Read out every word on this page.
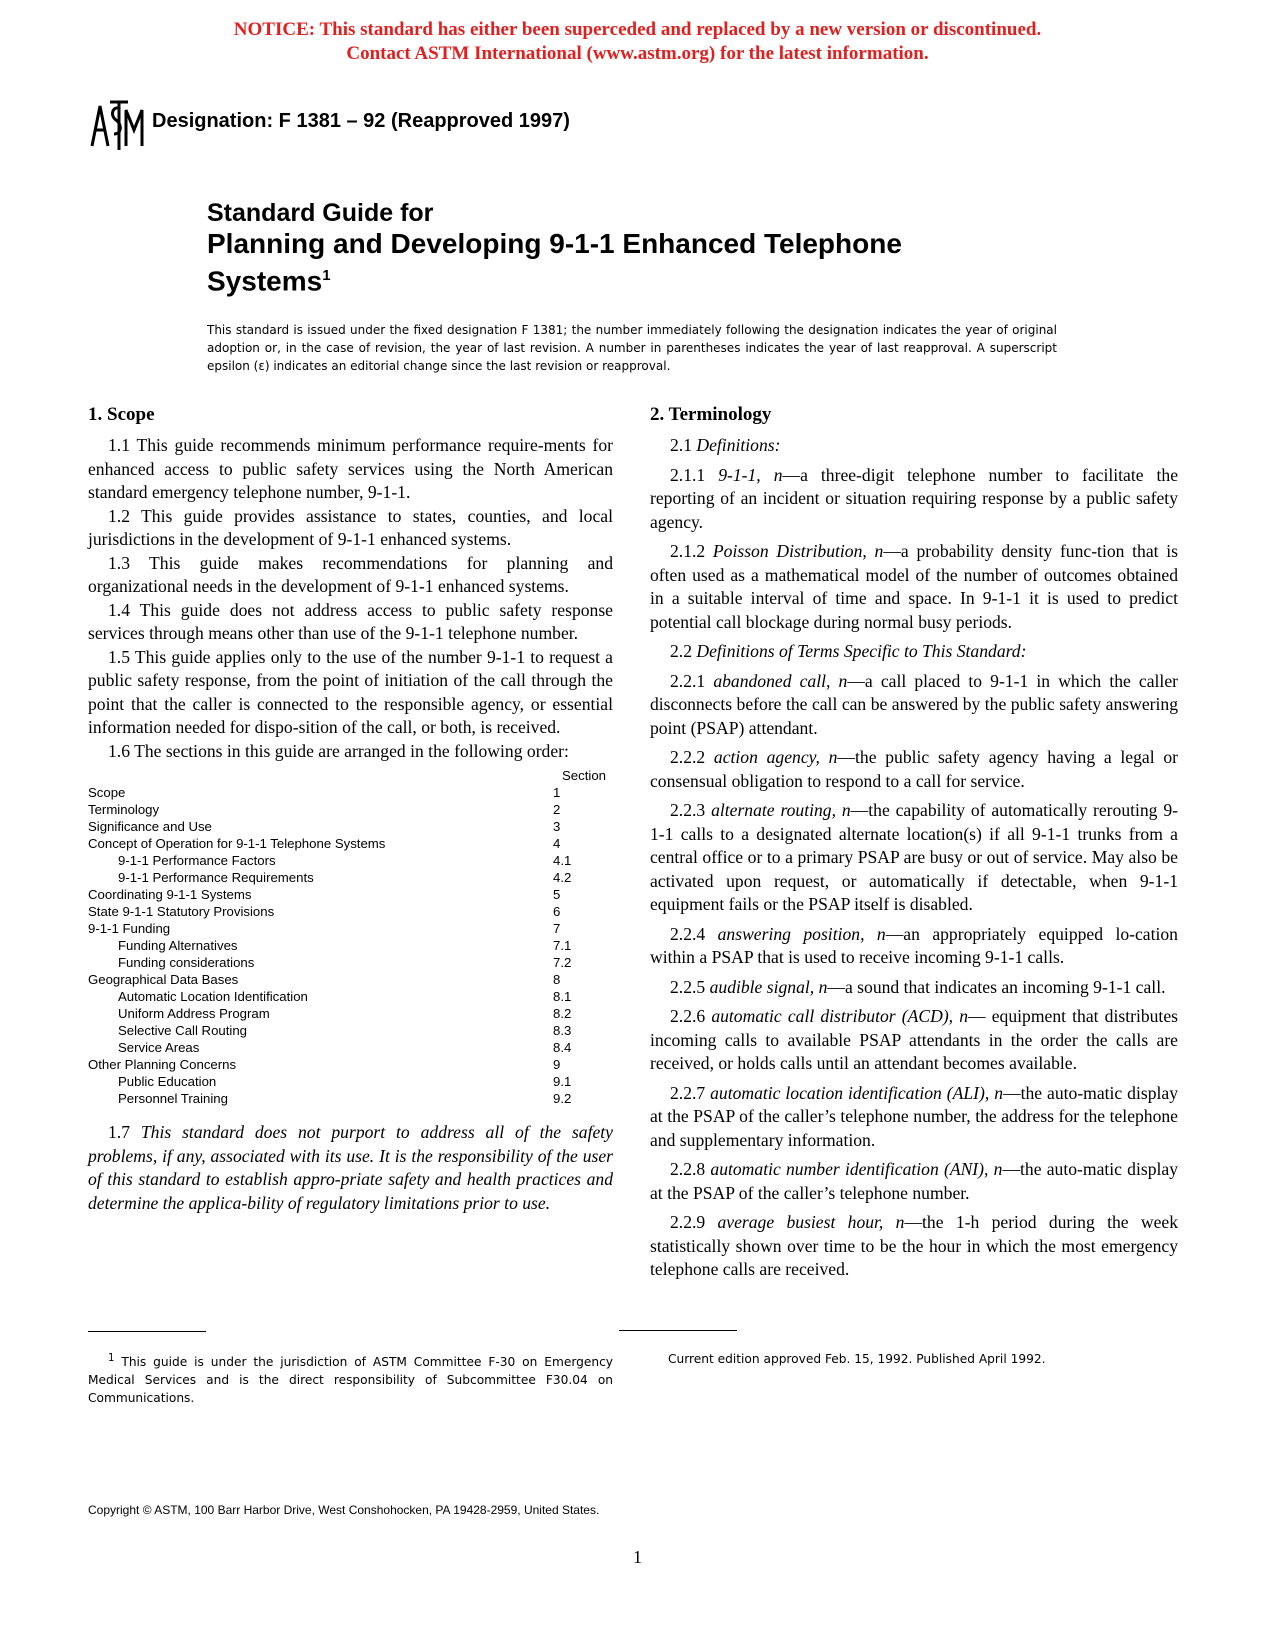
NOTICE: This standard has either been superceded and replaced by a new version or discontinued.
Contact ASTM International (www.astm.org) for the latest information.
Designation: F 1381 – 92 (Reapproved 1997)
Standard Guide for
Planning and Developing 9-1-1 Enhanced Telephone
Systems$^1$
This standard is issued under the fixed designation F 1381; the number immediately following the designation indicates the year of original adoption or, in the case of revision, the year of last revision. A number in parentheses indicates the year of last reapproval. A superscript epsilon (ε) indicates an editorial change since the last revision or reapproval.
1. Scope

1.1 This guide recommends minimum performance require-ments for enhanced access to public safety services using the North American standard emergency telephone number, 9-1-1.

1.2 This guide provides assistance to states, counties, and local jurisdictions in the development of 9-1-1 enhanced systems.

1.3 This guide makes recommendations for planning and organizational needs in the development of 9-1-1 enhanced systems.

1.4 This guide does not address access to public safety response services through means other than use of the 9-1-1 telephone number.

1.5 This guide applies only to the use of the number 9-1-1 to request a public safety response, from the point of initiation of the call through the point that the caller is connected to the responsible agency, or essential information needed for dispo-sition of the call, or both, is received.

1.6 The sections in this guide are arranged in the following order:

Section
Scope	1
Terminology	2
Significance and Use	3
Concept of Operation for 9-1-1 Telephone Systems	4
9-1-1 Performance Factors	4.1
9-1-1 Performance Requirements	4.2
Coordinating 9-1-1 Systems	5
State 9-1-1 Statutory Provisions	6
9-1-1 Funding	7
Funding Alternatives	7.1
Funding considerations	7.2
Geographical Data Bases	8
Automatic Location Identification	8.1
Uniform Address Program	8.2
Selective Call Routing	8.3
Service Areas	8.4
Other Planning Concerns	9
Public Education	9.1
Personnel Training	9.2

1.7 This standard does not purport to address all of the safety problems, if any, associated with its use. It is the responsibility of the user of this standard to establish appro-priate safety and health practices and determine the applica-bility of regulatory limitations prior to use.

2. Terminology

2.1 Definitions:

2.1.1 9-1-1, n—a three-digit telephone number to facilitate the reporting of an incident or situation requiring response by a public safety agency.

2.1.2 Poisson Distribution, n—a probability density func-tion that is often used as a mathematical model of the number of outcomes obtained in a suitable interval of time and space. In 9-1-1 it is used to predict potential call blockage during normal busy periods.

2.2 Definitions of Terms Specific to This Standard:

2.2.1 abandoned call, n—a call placed to 9-1-1 in which the caller disconnects before the call can be answered by the public safety answering point (PSAP) attendant.

2.2.2 action agency, n—the public safety agency having a legal or consensual obligation to respond to a call for service.

2.2.3 alternate routing, n—the capability of automatically rerouting 9-1-1 calls to a designated alternate location(s) if all 9-1-1 trunks from a central office or to a primary PSAP are busy or out of service. May also be activated upon request, or automatically if detectable, when 9-1-1 equipment fails or the PSAP itself is disabled.

2.2.4 answering position, n—an appropriately equipped lo-cation within a PSAP that is used to receive incoming 9-1-1 calls.

2.2.5 audible signal, n—a sound that indicates an incoming 9-1-1 call.

2.2.6 automatic call distributor (ACD), n— equipment that distributes incoming calls to available PSAP attendants in the order the calls are received, or holds calls until an attendant becomes available.

2.2.7 automatic location identification (ALI), n—the auto-matic display at the PSAP of the caller’s telephone number, the address for the telephone and supplementary information.

2.2.8 automatic number identification (ANI), n—the auto-matic display at the PSAP of the caller’s telephone number.

2.2.9 average busiest hour, n—the 1-h period during the week statistically shown over time to be the hour in which the most emergency telephone calls are received.

$^1$ This guide is under the jurisdiction of ASTM Committee F-30 on Emergency Medical Services and is the direct responsibility of Subcommittee F30.04 on Communications.
Current edition approved Feb. 15, 1992. Published April 1992.
Copyright © ASTM, 100 Barr Harbor Drive, West Conshohocken, PA 19428-2959, United States.
1
